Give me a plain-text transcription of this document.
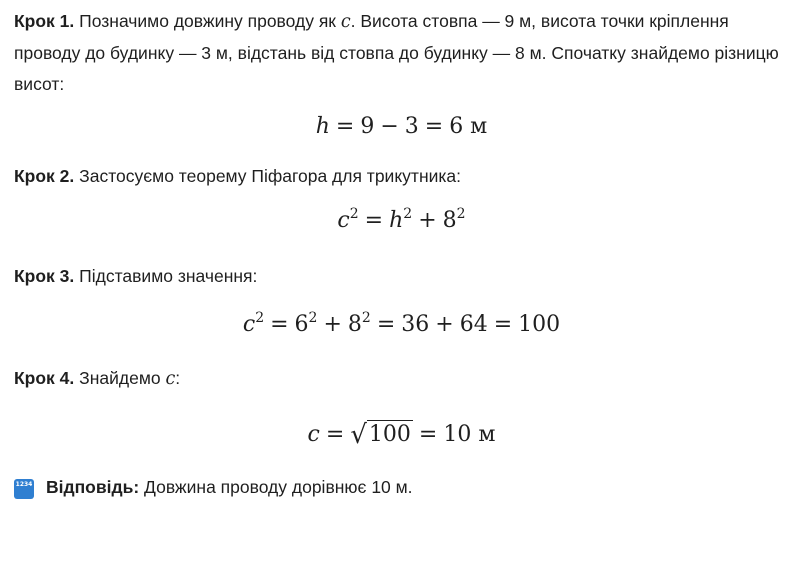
Крок 1. Позначимо довжину проводу як c. Висота стовпа — 9 м, висота точки кріплення проводу до будинку — 3 м, відстань від стовпа до будинку — 8 м. Спочатку знайдемо різницю висот:

h = 9 − 3 = 6 м

Крок 2. Застосуємо теорему Піфагора для трикутника:

$c^2 = h^2 + 8^2$

Крок 3. Підставимо значення:

$c^2 = 6^2 + 8^2 = 36 + 64 = 100$

Крок 4. Знайдемо c:

c = √100 = 10 м

1234 Відповідь: Довжина проводу дорівнює 10 м.
